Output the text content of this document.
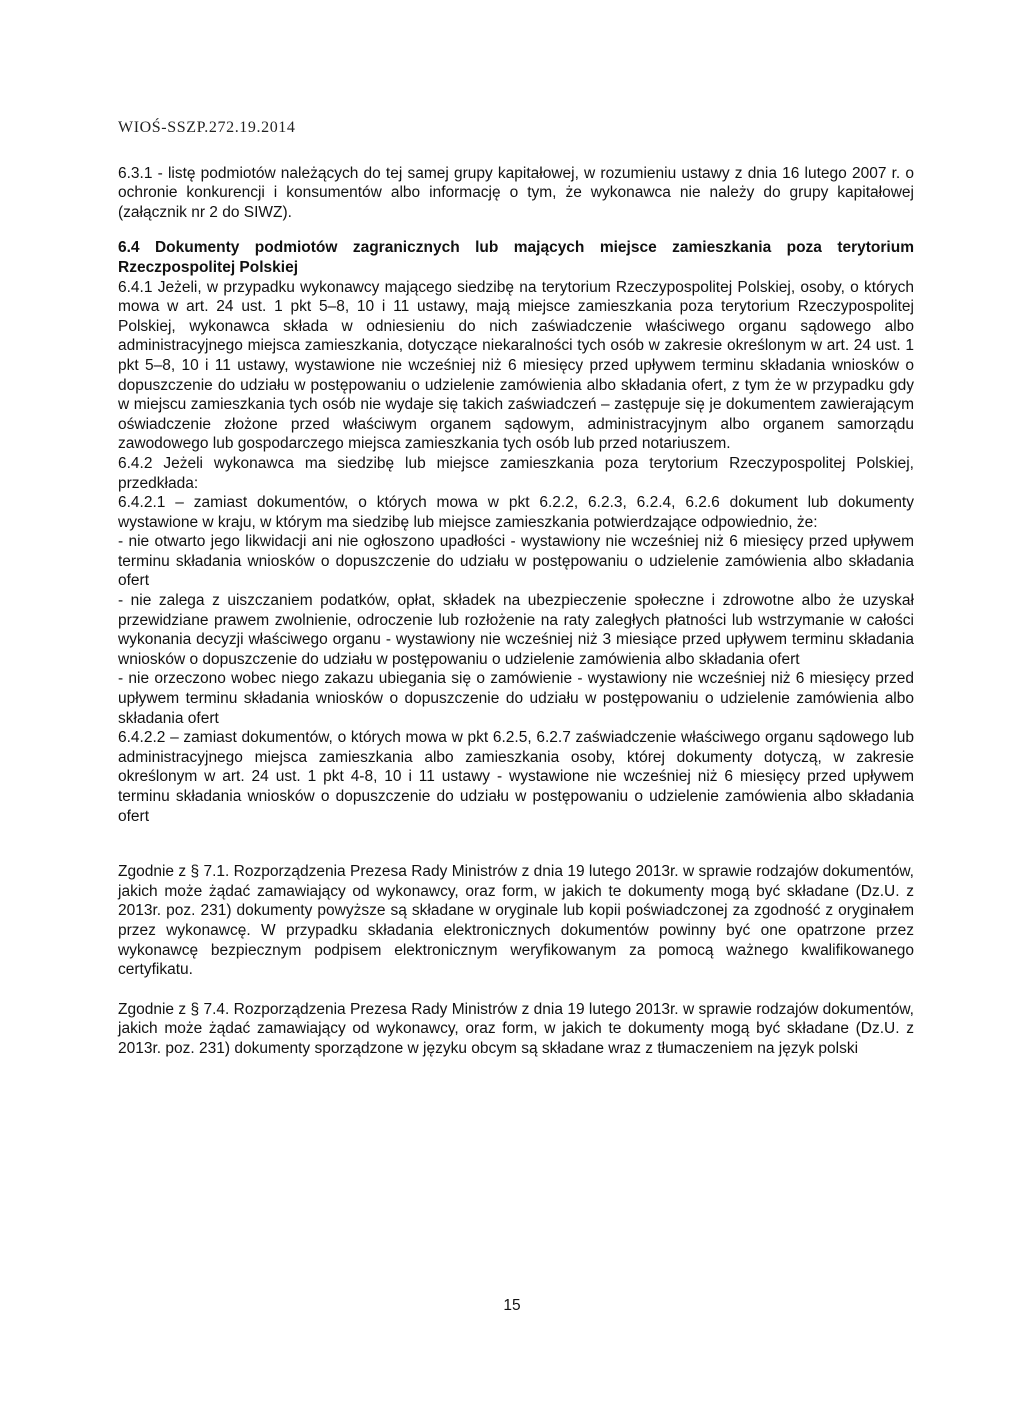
WIOŚ-SSZP.272.19.2014

6.3.1 - listę podmiotów należących do tej samej grupy kapitałowej, w rozumieniu ustawy z dnia 16 lutego 2007 r. o ochronie konkurencji i konsumentów albo informację o tym, że wykonawca nie należy do grupy kapitałowej (załącznik nr 2 do SIWZ).

6.4 Dokumenty podmiotów zagranicznych lub mających miejsce zamieszkania poza terytorium Rzeczpospolitej Polskiej

6.4.1 Jeżeli, w przypadku wykonawcy mającego siedzibę na terytorium Rzeczypospolitej Polskiej, osoby, o których mowa w art. 24 ust. 1 pkt 5–8, 10 i 11 ustawy, mają miejsce zamieszkania poza terytorium Rzeczypospolitej Polskiej, wykonawca składa w odniesieniu do nich zaświadczenie właściwego organu sądowego albo administracyjnego miejsca zamieszkania, dotyczące niekaralności tych osób w zakresie określonym w art. 24 ust. 1 pkt 5–8, 10 i 11 ustawy, wystawione nie wcześniej niż 6 miesięcy przed upływem terminu składania wniosków o dopuszczenie do udziału w postępowaniu o udzielenie zamówienia albo składania ofert, z tym że w przypadku gdy w miejscu zamieszkania tych osób nie wydaje się takich zaświadczeń – zastępuje się je dokumentem zawierającym oświadczenie złożone przed właściwym organem sądowym, administracyjnym albo organem samorządu zawodowego lub gospodarczego miejsca zamieszkania tych osób lub przed notariuszem.

6.4.2 Jeżeli wykonawca ma siedzibę lub miejsce zamieszkania poza terytorium Rzeczypospolitej Polskiej, przedkłada:

6.4.2.1 – zamiast dokumentów, o których mowa w pkt 6.2.2, 6.2.3, 6.2.4, 6.2.6 dokument lub dokumenty wystawione w kraju, w którym ma siedzibę lub miejsce zamieszkania potwierdzające odpowiednio, że:

- nie otwarto jego likwidacji ani nie ogłoszono upadłości - wystawiony nie wcześniej niż 6 miesięcy przed upływem terminu składania wniosków o dopuszczenie do udziału w postępowaniu o udzielenie zamówienia albo składania ofert

- nie zalega z uiszczaniem podatków, opłat, składek na ubezpieczenie społeczne i zdrowotne albo że uzyskał przewidziane prawem zwolnienie, odroczenie lub rozłożenie na raty zaległych płatności lub wstrzymanie w całości wykonania decyzji właściwego organu - wystawiony nie wcześniej niż 3 miesiące przed upływem terminu składania wniosków o dopuszczenie do udziału w postępowaniu o udzielenie zamówienia albo składania ofert

- nie orzeczono wobec niego zakazu ubiegania się o zamówienie - wystawiony nie wcześniej niż 6 miesięcy przed upływem terminu składania wniosków o dopuszczenie do udziału w postępowaniu o udzielenie zamówienia albo składania ofert

6.4.2.2 – zamiast dokumentów, o których mowa w pkt 6.2.5, 6.2.7 zaświadczenie właściwego organu sądowego lub administracyjnego miejsca zamieszkania albo zamieszkania osoby, której dokumenty dotyczą, w zakresie określonym w art. 24 ust. 1 pkt 4-8, 10 i 11 ustawy - wystawione nie wcześniej niż 6 miesięcy przed upływem terminu składania wniosków o dopuszczenie do udziału w postępowaniu o udzielenie zamówienia albo składania ofert

Zgodnie z § 7.1. Rozporządzenia Prezesa Rady Ministrów z dnia 19 lutego 2013r. w sprawie rodzajów dokumentów, jakich może żądać zamawiający od wykonawcy, oraz form, w jakich te dokumenty mogą być składane (Dz.U. z 2013r. poz. 231) dokumenty powyższe są składane w oryginale lub kopii poświadczonej za zgodność z oryginałem przez wykonawcę. W przypadku składania elektronicznych dokumentów powinny być one opatrzone przez wykonawcę bezpiecznym podpisem elektronicznym weryfikowanym za pomocą ważnego kwalifikowanego certyfikatu.

Zgodnie z § 7.4. Rozporządzenia Prezesa Rady Ministrów z dnia 19 lutego 2013r. w sprawie rodzajów dokumentów, jakich może żądać zamawiający od wykonawcy, oraz form, w jakich te dokumenty mogą być składane (Dz.U. z 2013r. poz. 231) dokumenty sporządzone w języku obcym są składane wraz z tłumaczeniem na język polski

15
